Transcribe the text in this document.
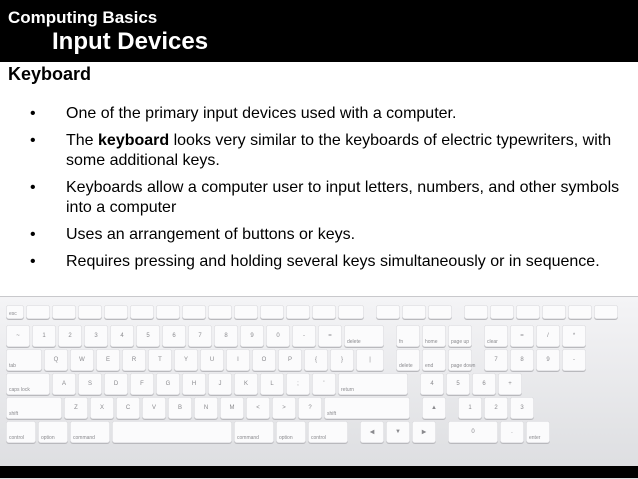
Computing Basics
Input Devices
Keyboard
• One of the primary input devices used with a computer.
• The keyboard looks very similar to the keyboards of electric typewriters, with some additional keys.
• Keyboards allow a computer user to input letters, numbers, and other symbols into a computer
• Uses an arrangement of buttons or keys.
• Requires pressing and holding several keys simultaneously or in sequence.
esc
~	1	2	3	4	5	6	7	8	9	0	-	=
delete	fn	home	page up	clear
=	/	*
tab
Q	W	E	R	T	Y	U	I	O	P	{	}	|
delete end	page down
7	8	9	-
caps lock
A	S	D	F	G	H	J	K	L	;	'
return
4	5	6	+
shift
Z	X	C	V	B	N	M	<	>	?
shift
▲	1	2	3
control	option	command	command	option	control
◀	▼	▶	0	.
enter
